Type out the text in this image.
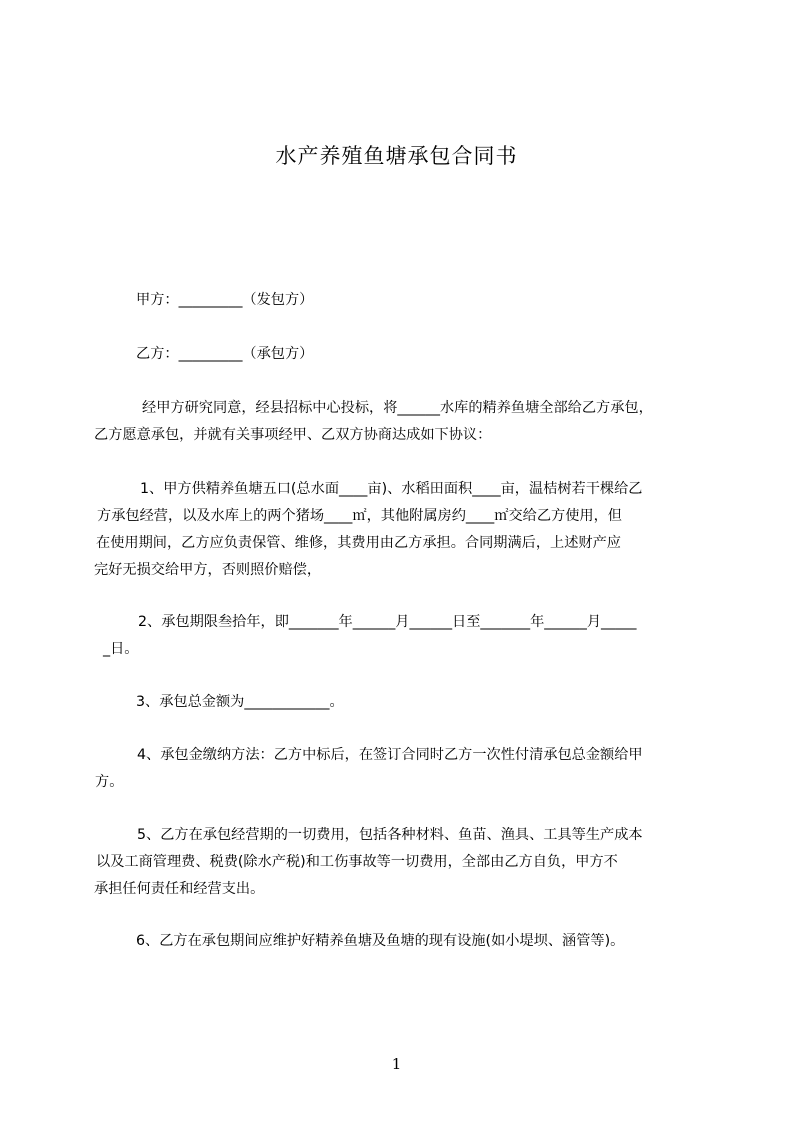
水产养殖鱼塘承包合同书
甲方：_________（发包方）
乙方：_________（承包方）
经甲方研究同意，经县招标中心投标，将______水库的精养鱼塘全部给乙方承包，
乙方愿意承包，并就有关事项经甲、乙双方协商达成如下协议：
1、甲方供精养鱼塘五口(总水面____亩)、水稻田面积____亩，温桔树若干棵给乙
方承包经营，以及水库上的两个猪场____㎡，其他附属房约____㎡交给乙方使用，但
在使用期间，乙方应负责保管、维修，其费用由乙方承担。合同期满后，上述财产应
完好无损交给甲方，否则照价赔偿，
2、承包期限叁拾年，即_______年______月______日至_______年______月_____
_日。
3、承包总金额为____________。
4、承包金缴纳方法：乙方中标后，在签订合同时乙方一次性付清承包总金额给甲
方。
5、乙方在承包经营期的一切费用，包括各种材料、鱼苗、渔具、工具等生产成本
以及工商管理费、税费(除水产税)和工伤事故等一切费用，全部由乙方自负，甲方不
承担任何责任和经营支出。
6、乙方在承包期间应维护好精养鱼塘及鱼塘的现有设施(如小堤坝、涵管等)。
1
